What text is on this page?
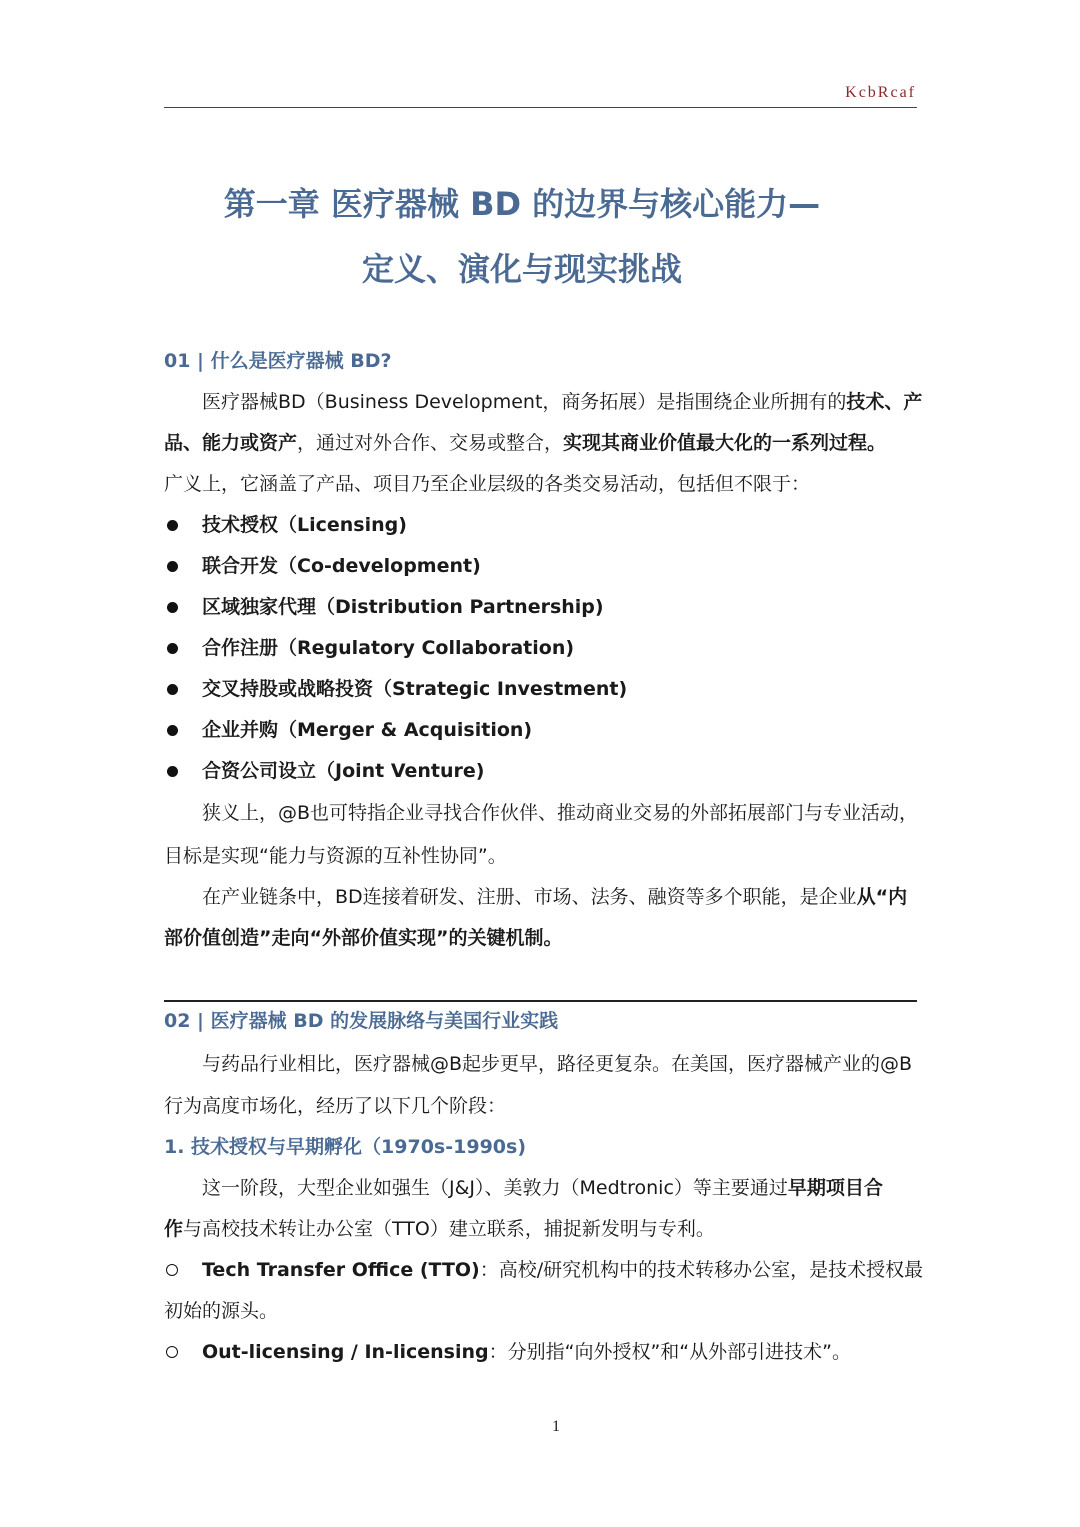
KcbRcaf
第一章 医疗器械 BD 的边界与核心能力—
定义、演化与现实挑战
01 | 什么是医疗器械 BD?
医疗器械BD（Business Development，商务拓展）是指围绕企业所拥有的技术、产
品、能力或资产，通过对外合作、交易或整合，实现其商业价值最大化的一系列过程。
广义上，它涵盖了产品、项目乃至企业层级的各类交易活动，包括但不限于：
技术授权（Licensing)
联合开发（Co-development)
区域独家代理（Distribution Partnership)
合作注册（Regulatory Collaboration)
交叉持股或战略投资（Strategic Investment)
企业并购（Merger & Acquisition)
合资公司设立（Joint Venture)
狭义上，@B也可特指企业寻找合作伙伴、推动商业交易的外部拓展部门与专业活动，
目标是实现“能力与资源的互补性协同”。
在产业链条中，BD连接着研发、注册、市场、法务、融资等多个职能，是企业从“内
部价值创造”走向“外部价值实现”的关键机制。
02 | 医疗器械 BD 的发展脉络与美国行业实践
与药品行业相比，医疗器械@B起步更早，路径更复杂。在美国，医疗器械产业的@B
行为高度市场化，经历了以下几个阶段：
1. 技术授权与早期孵化（1970s-1990s)
这一阶段，大型企业如强生（J&J）、美敦力（Medtronic）等主要通过早期项目合
作与高校技术转让办公室（TTO）建立联系，捕捉新发明与专利。
Tech Transfer Office (TTO)：高校/研究机构中的技术转移办公室，是技术授权最
初始的源头。
Out-licensing / In-licensing：分别指“向外授权”和“从外部引进技术”。
1
